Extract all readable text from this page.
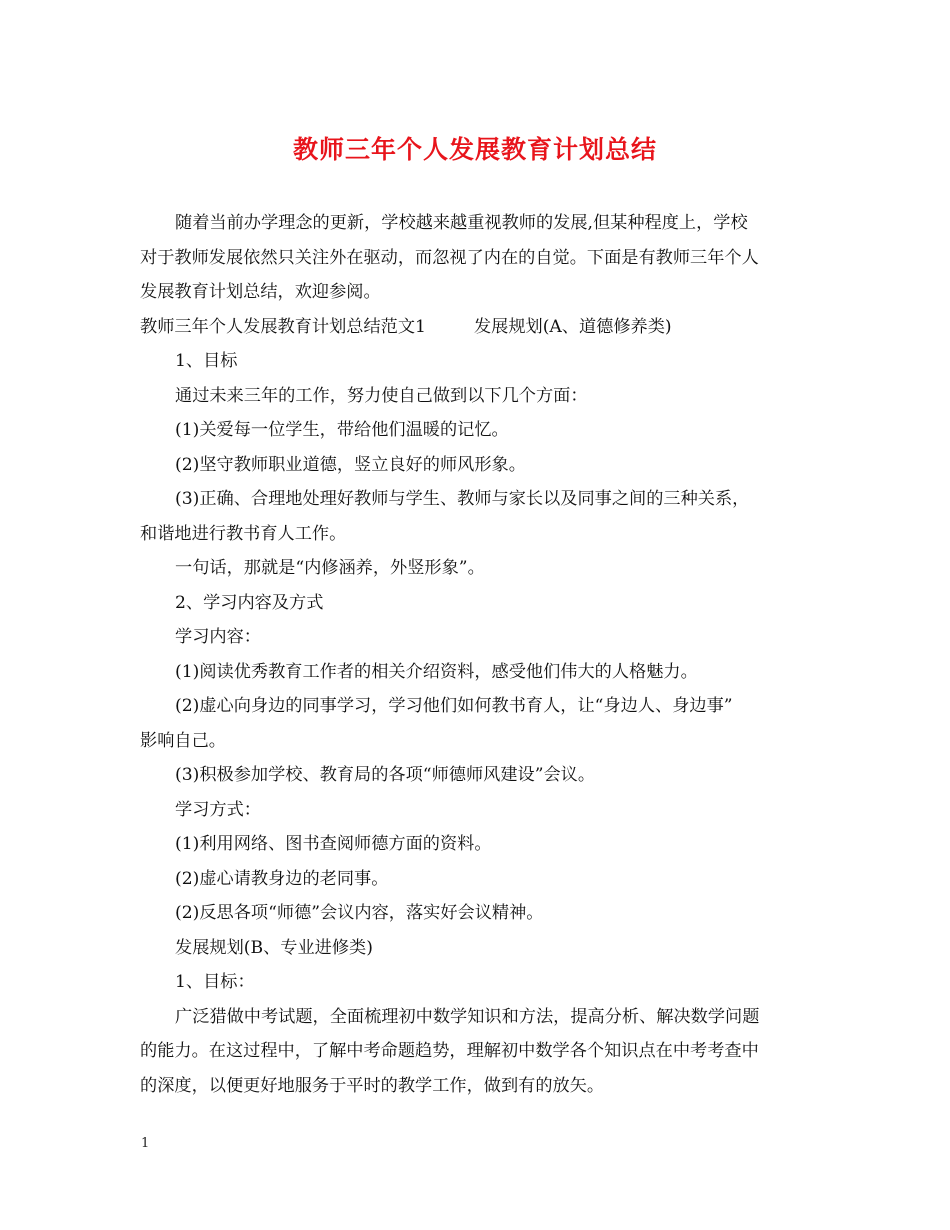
教师三年个人发展教育计划总结
随着当前办学理念的更新，学校越来越重视教师的发展,但某种程度上，学校
对于教师发展依然只关注外在驱动，而忽视了内在的自觉。下面是有教师三年个人
发展教育计划总结，欢迎参阅。
教师三年个人发展教育计划总结范文1	发展规划(A、道德修养类)
1、目标
通过未来三年的工作，努力使自己做到以下几个方面：
(1)关爱每一位学生，带给他们温暖的记忆。
(2)坚守教师职业道德，竖立良好的师风形象。
(3)正确、合理地处理好教师与学生、教师与家长以及同事之间的三种关系，
和谐地进行教书育人工作。
一句话，那就是“内修涵养，外竖形象”。
2、学习内容及方式
学习内容：
(1)阅读优秀教育工作者的相关介绍资料，感受他们伟大的人格魅力。
(2)虚心向身边的同事学习，学习他们如何教书育人，让“身边人、身边事”
影响自己。
(3)积极参加学校、教育局的各项“师德师风建设”会议。
学习方式：
(1)利用网络、图书查阅师德方面的资料。
(2)虚心请教身边的老同事。
(2)反思各项“师德”会议内容，落实好会议精神。
发展规划(B、专业进修类)
1、目标：
广泛猎做中考试题，全面梳理初中数学知识和方法，提高分析、解决数学问题
的能力。在这过程中，了解中考命题趋势，理解初中数学各个知识点在中考考查中
的深度，以便更好地服务于平时的教学工作，做到有的放矢。
1
